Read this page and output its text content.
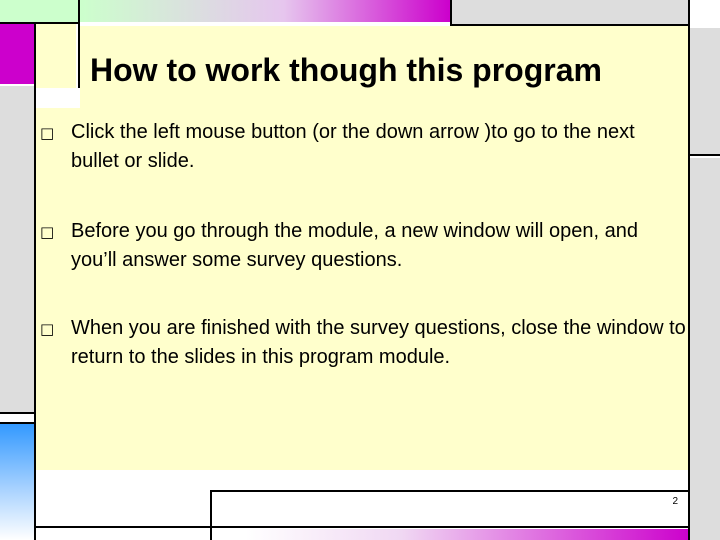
How to work though this program
□ Click the left mouse button (or the down arrow )to go to the next bullet or slide.

□ Before you go through the module, a new window will open, and you’ll answer some survey questions.

□ When you are finished with the survey questions, close the window to return to the slides in this program module.

2
